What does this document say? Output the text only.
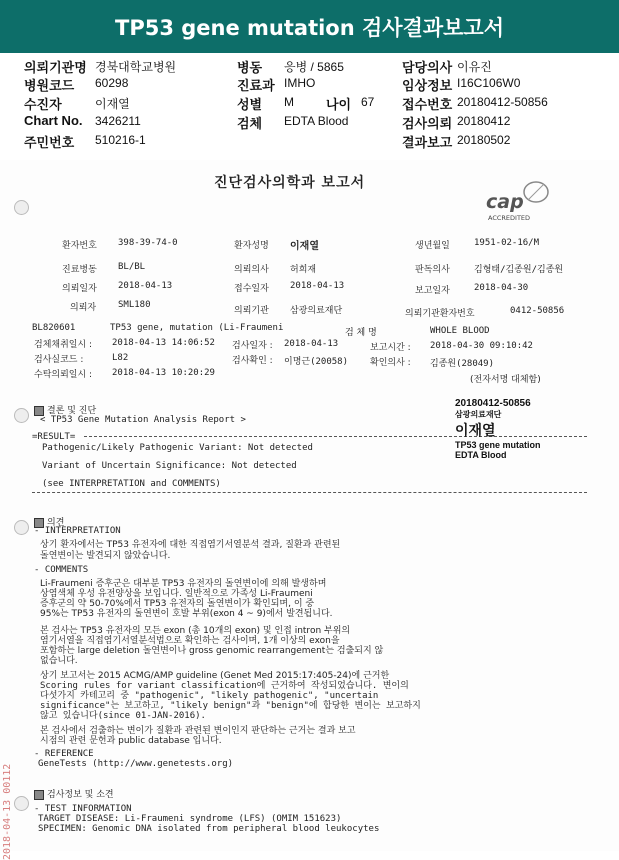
TP53 gene mutation 검사결과보고서
의뢰기관명 경북대학교병원	병동 응병 / 5865	담당의사 이유진
병원코드 60298	진료과 IMHO	임상정보 I16C106W0
수진자	이재열	성별 M 나이 67 접수번호 20180412-50856
Chart No. 3426211	검체 EDTA Blood	검사의뢰 20180412
주민번호 510216-1	결과보고 20180502
진단검사의학과 보고서
cap
ACCREDITED
환자번호 398-39-74-0	환자성명 이재열	생년월일	1951-02-16/M
진료병동 BL/BL	의뢰의사 허희재	판독의사	김형태/김종원/김종원
의뢰일자 2018-04-13	접수일자 2018-04-13	보고일자	2018-04-30
의뢰자 SML180
의뢰기관 삼광의료재단	의뢰기관환자번호	0412-50856
BL820601	TP53 gene, mutation (Li-Fraumeni	검 체 명	WHOLE BLOOD
검체채취일시 : 2018-04-13 14:06:52 검사일자 : 2018-04-13	보고시간 : 2018-04-30 09:10:42
검사실코드 :	L82	검사확인 : 이명근(20058) 확인의사 : 김종원(28049)
수탁의뢰일시 : 2018-04-13 10:20:29
(전자서명 대체함)
결론 및 진단
< TP53 Gene Mutation Analysis Report >
=RESULT=
Pathogenic/Likely Pathogenic Variant: Not detected
Variant of Uncertain Significance: Not detected
(see INTERPRETATION and COMMENTS)
20180412-50856
삼광의료재단
이재열
TP53 gene mutation
EDTA Blood
의견
- INTERPRETATION
상기 환자에서는 TP53 유전자에 대한 직접염기서열분석 결과, 질환과 관련된
돌연변이는 발견되지 않았습니다.
- COMMENTS
Li-Fraumeni 증후군은 대부분 TP53 유전자의 돌연변이에 의해 발생하며
상염색체 우성 유전양상을 보입니다. 일반적으로 가족성 Li-Fraumeni
증후군의 약 50-70%에서 TP53 유전자의 돌연변이가 확인되며, 이 중
95%는 TP53 유전자의 돌연변이 호발 부위(exon 4 ~ 9)에서 발견됩니다.
본 검사는 TP53 유전자의 모든 exon (총 10개의 exon) 및 인접 intron 부위의
염기서열을 직접염기서열분석법으로 확인하는 검사이며, 1개 이상의 exon을
포함하는 large deletion 돌연변이나 gross genomic rearrangement는 검출되지 않
없습니다.
상기 보고서는 2015 ACMG/AMP guideline (Genet Med 2015:17:405-24)에 근거한
Scoring rules for variant classification에 근거하여 작성되었습니다. 변이의
다섯가지 카테고리 중 "pathogenic", "likely pathogenic", "uncertain
significance"는 보고하고, "likely benign"과 "benign"에 합당한 변이는 보고하지
않고 있습니다(since 01-JAN-2016).
본 검사에서 검출하는 변이가 질환과 관련된 변이인지 판단하는 근거는 결과 보고
시점의 관련 문헌과 public database 입니다.
- REFERENCE
GeneTests (http://www.genetests.org)
검사정보 및 소견
- TEST INFORMATION
TARGET DISEASE: Li-Fraumeni syndrome (LFS) (OMIM 151623)
SPECIMEN: Genomic DNA isolated from peripheral blood leukocytes
2018-04-13 00112
